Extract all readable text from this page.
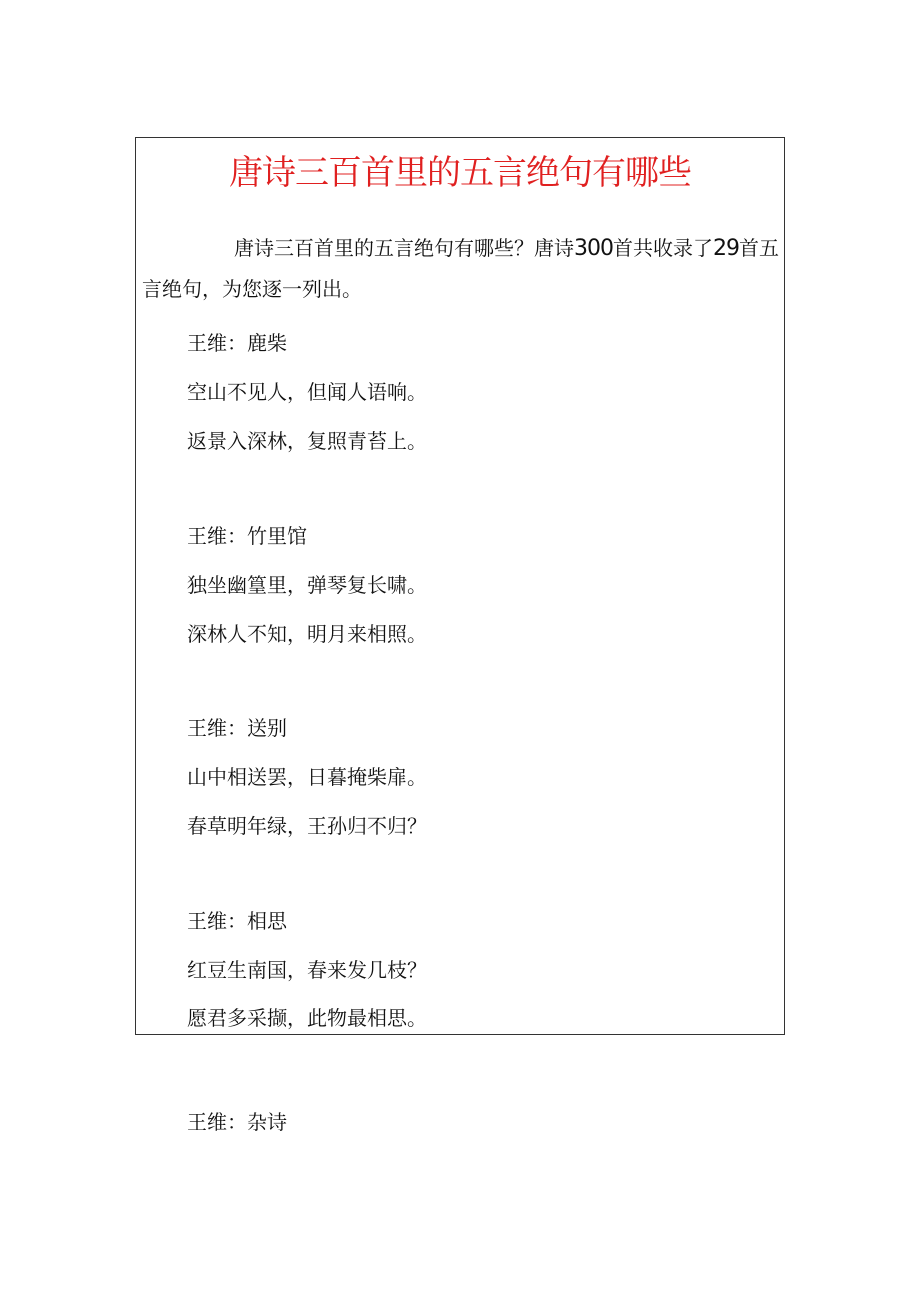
唐诗三百首里的五言绝句有哪些

唐诗三百首里的五言绝句有哪些？唐诗300首共收录了29首五言绝句，为您逐一列出。

王维：鹿柴
空山不见人，但闻人语响。
返景入深林，复照青苔上。
王维：竹里馆
独坐幽篁里，弹琴复长啸。
深林人不知，明月来相照。
王维：送别
山中相送罢，日暮掩柴扉。
春草明年绿，王孙归不归？
王维：相思
红豆生南国，春来发几枝？
愿君多采撷，此物最相思。
王维：杂诗
